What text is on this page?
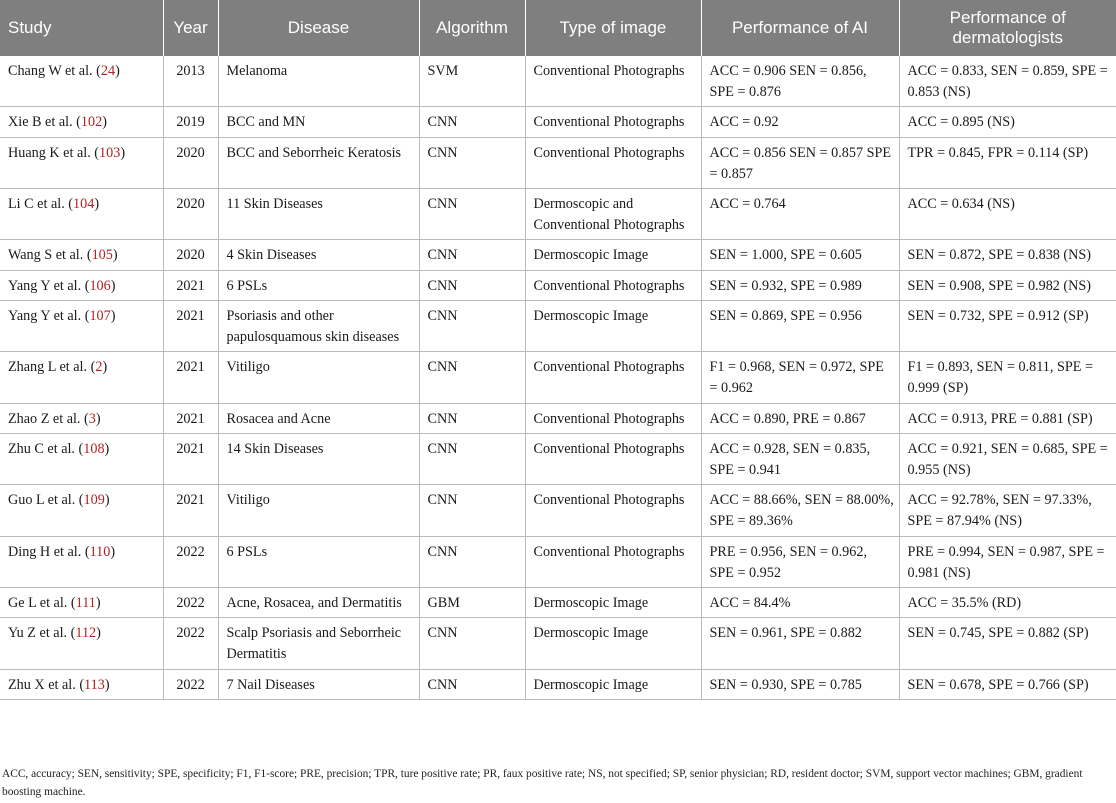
Study	Year	Disease	Algorithm	Type of image	Performance of AI	Performance of dermatologists
Chang W et al. (24)	2013	Melanoma	SVM	Conventional Photographs	ACC = 0.906 SEN = 0.856, SPE = 0.876	ACC = 0.833, SEN = 0.859, SPE = 0.853 (NS)
Xie B et al. (102)	2019	BCC and MN	CNN	Conventional Photographs	ACC = 0.92	ACC = 0.895 (NS)
Huang K et al. (103)	2020	BCC and Seborrheic Keratosis	CNN	Conventional Photographs	ACC = 0.856 SEN = 0.857 SPE = 0.857	TPR = 0.845, FPR = 0.114 (SP)
Li C et al. (104)	2020	11 Skin Diseases	CNN	Dermoscopic and Conventional Photographs	ACC = 0.764	ACC = 0.634 (NS)
Wang S et al. (105)	2020	4 Skin Diseases	CNN	Dermoscopic Image	SEN = 1.000, SPE = 0.605	SEN = 0.872, SPE = 0.838 (NS)
Yang Y et al. (106)	2021	6 PSLs	CNN	Conventional Photographs	SEN = 0.932, SPE = 0.989	SEN = 0.908, SPE = 0.982 (NS)
Yang Y et al. (107)	2021	Psoriasis and other papulosquamous skin diseases	CNN	Dermoscopic Image	SEN = 0.869, SPE = 0.956	SEN = 0.732, SPE = 0.912 (SP)
Zhang L et al. (2)	2021	Vitiligo	CNN	Conventional Photographs	F1 = 0.968, SEN = 0.972, SPE = 0.962	F1 = 0.893, SEN = 0.811, SPE = 0.999 (SP)
Zhao Z et al. (3)	2021	Rosacea and Acne	CNN	Conventional Photographs	ACC = 0.890, PRE = 0.867	ACC = 0.913, PRE = 0.881 (SP)
Zhu C et al. (108)	2021	14 Skin Diseases	CNN	Conventional Photographs	ACC = 0.928, SEN = 0.835, SPE = 0.941	ACC = 0.921, SEN = 0.685, SPE = 0.955 (NS)
Guo L et al. (109)	2021	Vitiligo	CNN	Conventional Photographs	ACC = 88.66%, SEN = 88.00%, SPE = 89.36%	ACC = 92.78%, SEN = 97.33%, SPE = 87.94% (NS)
Ding H et al. (110)	2022	6 PSLs	CNN	Conventional Photographs	PRE = 0.956, SEN = 0.962, SPE = 0.952	PRE = 0.994, SEN = 0.987, SPE = 0.981 (NS)
Ge L et al. (111)	2022	Acne, Rosacea, and Dermatitis	GBM	Dermoscopic Image	ACC = 84.4%	ACC = 35.5% (RD)
Yu Z et al. (112)	2022	Scalp Psoriasis and Seborrheic Dermatitis	CNN	Dermoscopic Image	SEN = 0.961, SPE = 0.882	SEN = 0.745, SPE = 0.882 (SP)
Zhu X et al. (113)	2022	7 Nail Diseases	CNN	Dermoscopic Image	SEN = 0.930, SPE = 0.785	SEN = 0.678, SPE = 0.766 (SP)

ACC, accuracy; SEN, sensitivity; SPE, specificity; F1, F1-score; PRE, precision; TPR, ture positive rate; PR, faux positive rate; NS, not specified; SP, senior physician; RD, resident doctor; SVM, support vector machines; GBM, gradient boosting machine.
